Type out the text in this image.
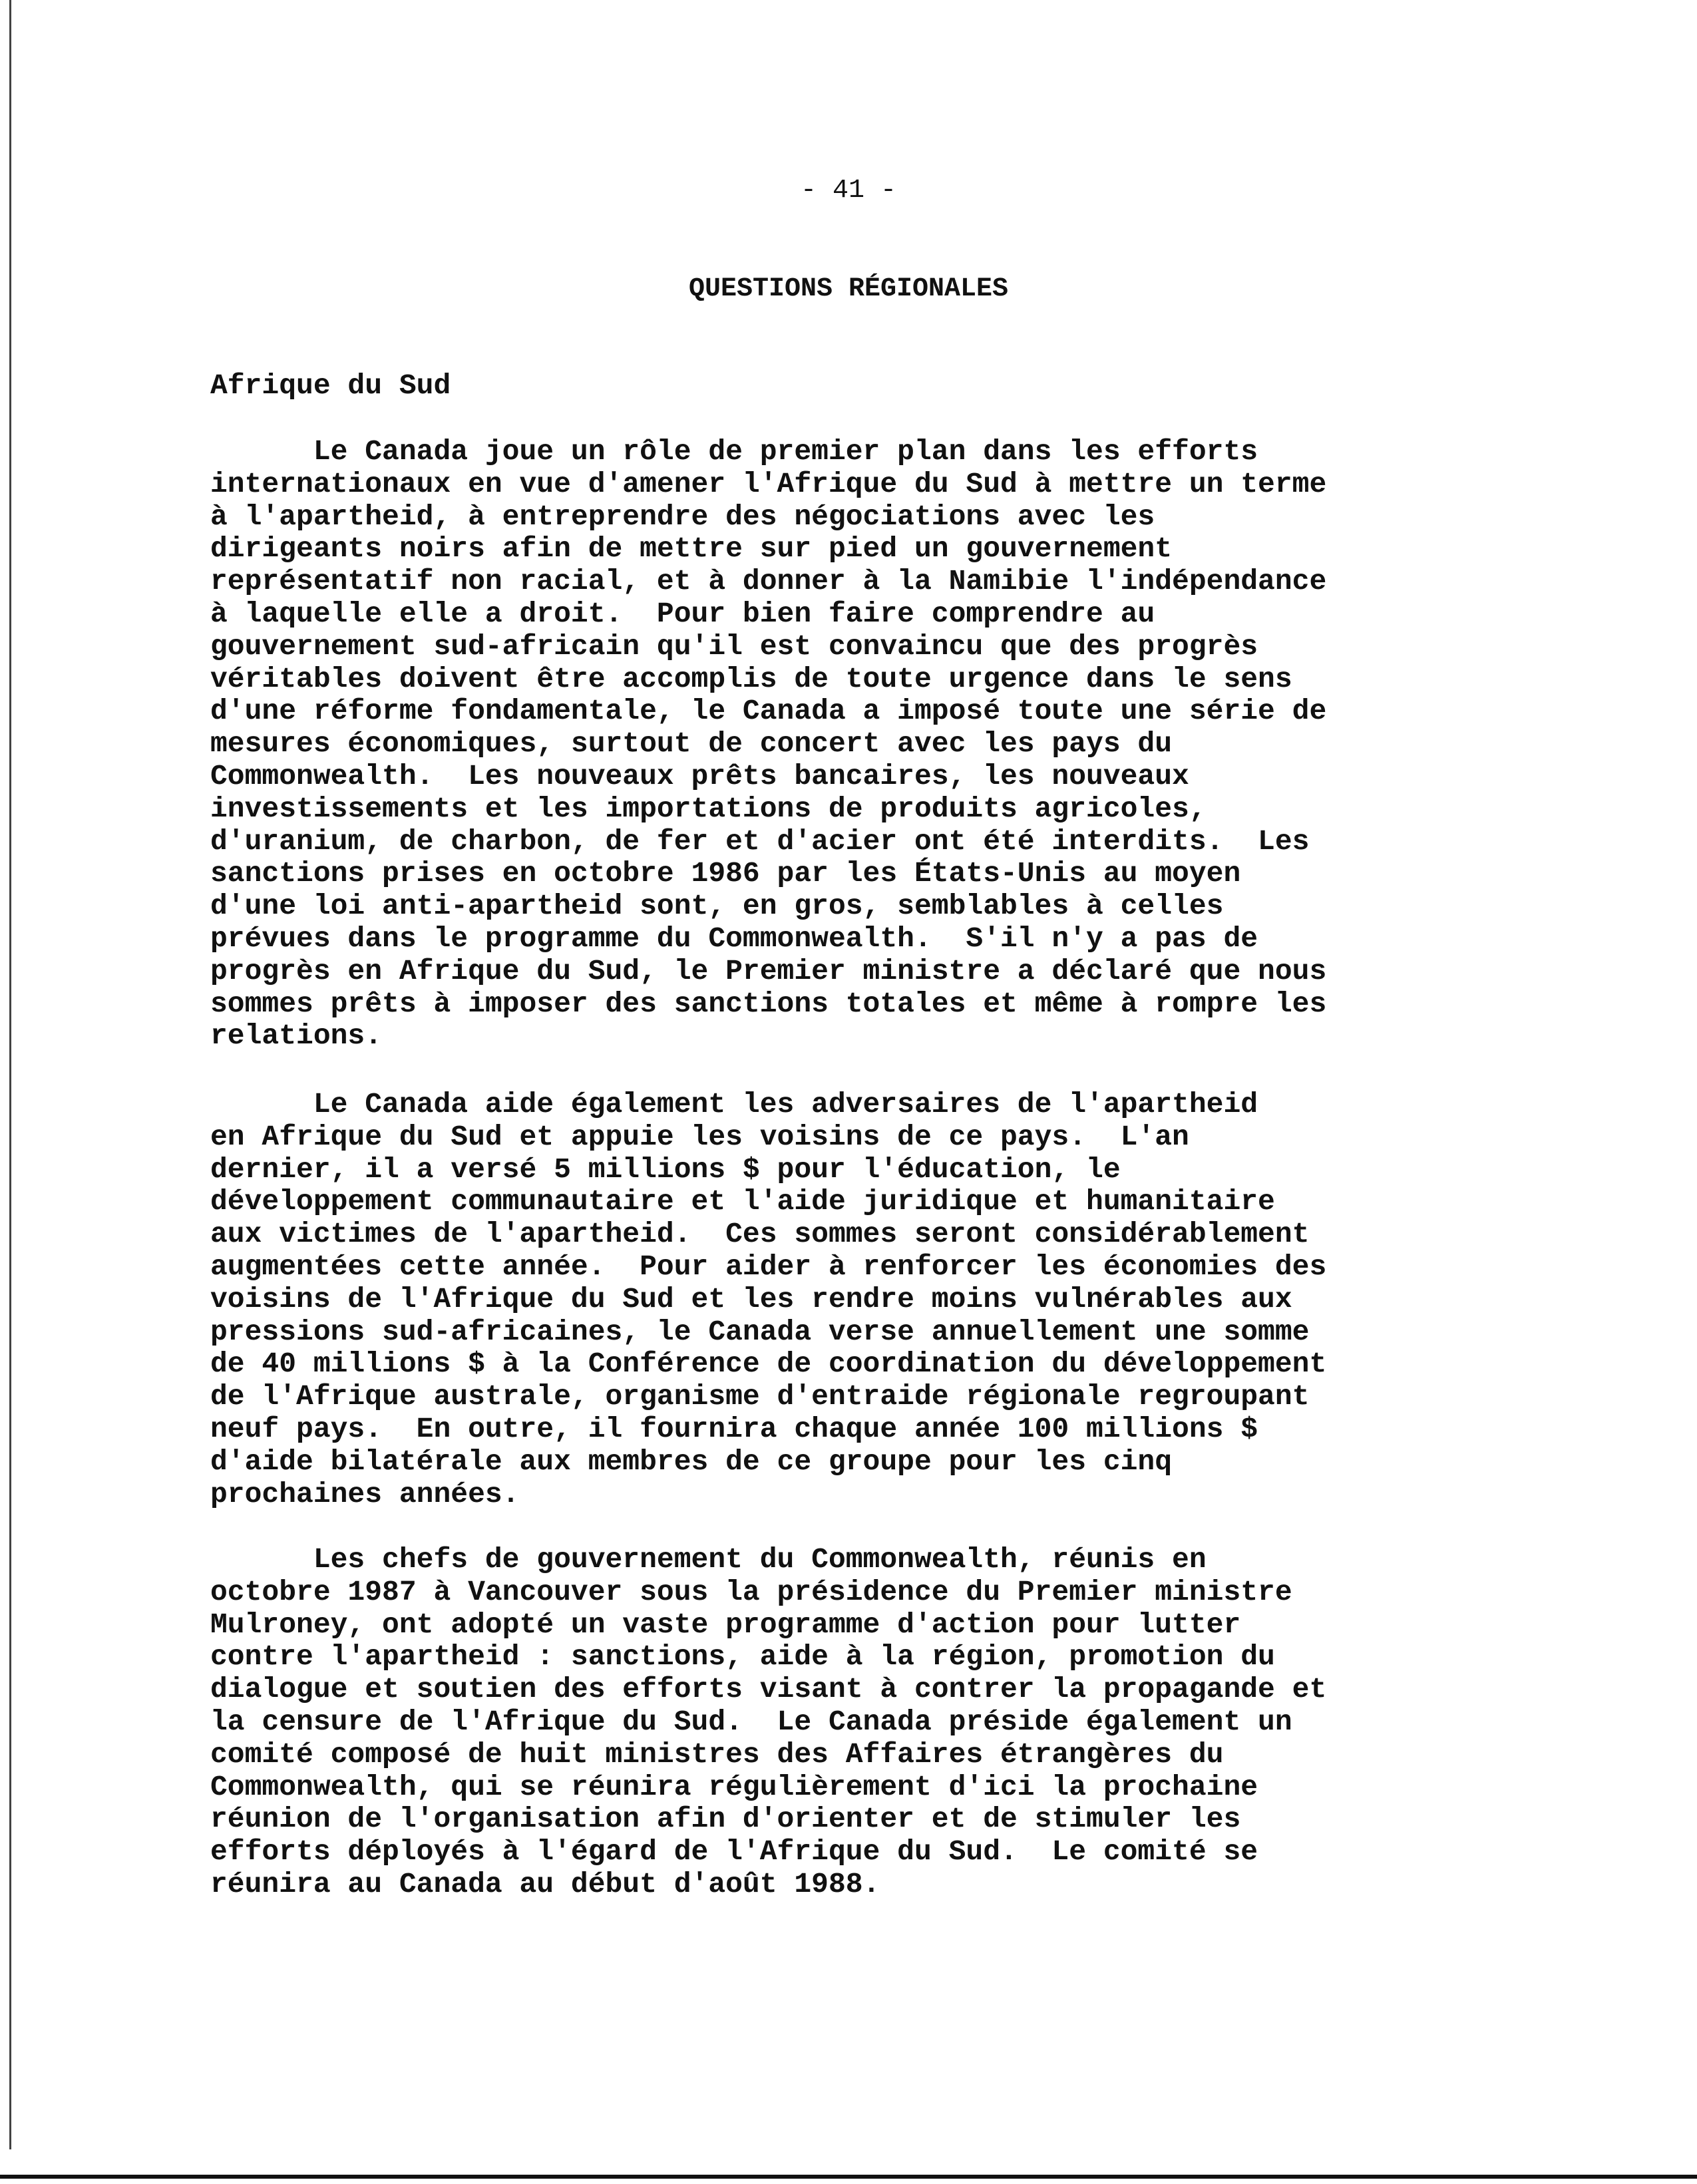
- 41 -
QUESTIONS RÉGIONALES
Afrique du Sud
Le Canada joue un rôle de premier plan dans les efforts
internationaux en vue d'amener l'Afrique du Sud à mettre un terme
à l'apartheid, à entreprendre des négociations avec les
dirigeants noirs afin de mettre sur pied un gouvernement
représentatif non racial, et à donner à la Namibie l'indépendance
à laquelle elle a droit.  Pour bien faire comprendre au
gouvernement sud-africain qu'il est convaincu que des progrès
véritables doivent être accomplis de toute urgence dans le sens
d'une réforme fondamentale, le Canada a imposé toute une série de
mesures économiques, surtout de concert avec les pays du
Commonwealth.  Les nouveaux prêts bancaires, les nouveaux
investissements et les importations de produits agricoles,
d'uranium, de charbon, de fer et d'acier ont été interdits.  Les
sanctions prises en octobre 1986 par les États-Unis au moyen
d'une loi anti-apartheid sont, en gros, semblables à celles
prévues dans le programme du Commonwealth.  S'il n'y a pas de
progrès en Afrique du Sud, le Premier ministre a déclaré que nous
sommes prêts à imposer des sanctions totales et même à rompre les
relations.
Le Canada aide également les adversaires de l'apartheid
en Afrique du Sud et appuie les voisins de ce pays.  L'an
dernier, il a versé 5 millions $ pour l'éducation, le
développement communautaire et l'aide juridique et humanitaire
aux victimes de l'apartheid.  Ces sommes seront considérablement
augmentées cette année.  Pour aider à renforcer les économies des
voisins de l'Afrique du Sud et les rendre moins vulnérables aux
pressions sud-africaines, le Canada verse annuellement une somme
de 40 millions $ à la Conférence de coordination du développement
de l'Afrique australe, organisme d'entraide régionale regroupant
neuf pays.  En outre, il fournira chaque année 100 millions $
d'aide bilatérale aux membres de ce groupe pour les cinq
prochaines années.
Les chefs de gouvernement du Commonwealth, réunis en
octobre 1987 à Vancouver sous la présidence du Premier ministre
Mulroney, ont adopté un vaste programme d'action pour lutter
contre l'apartheid : sanctions, aide à la région, promotion du
dialogue et soutien des efforts visant à contrer la propagande et
la censure de l'Afrique du Sud.  Le Canada préside également un
comité composé de huit ministres des Affaires étrangères du
Commonwealth, qui se réunira régulièrement d'ici la prochaine
réunion de l'organisation afin d'orienter et de stimuler les
efforts déployés à l'égard de l'Afrique du Sud.  Le comité se
réunira au Canada au début d'août 1988.
